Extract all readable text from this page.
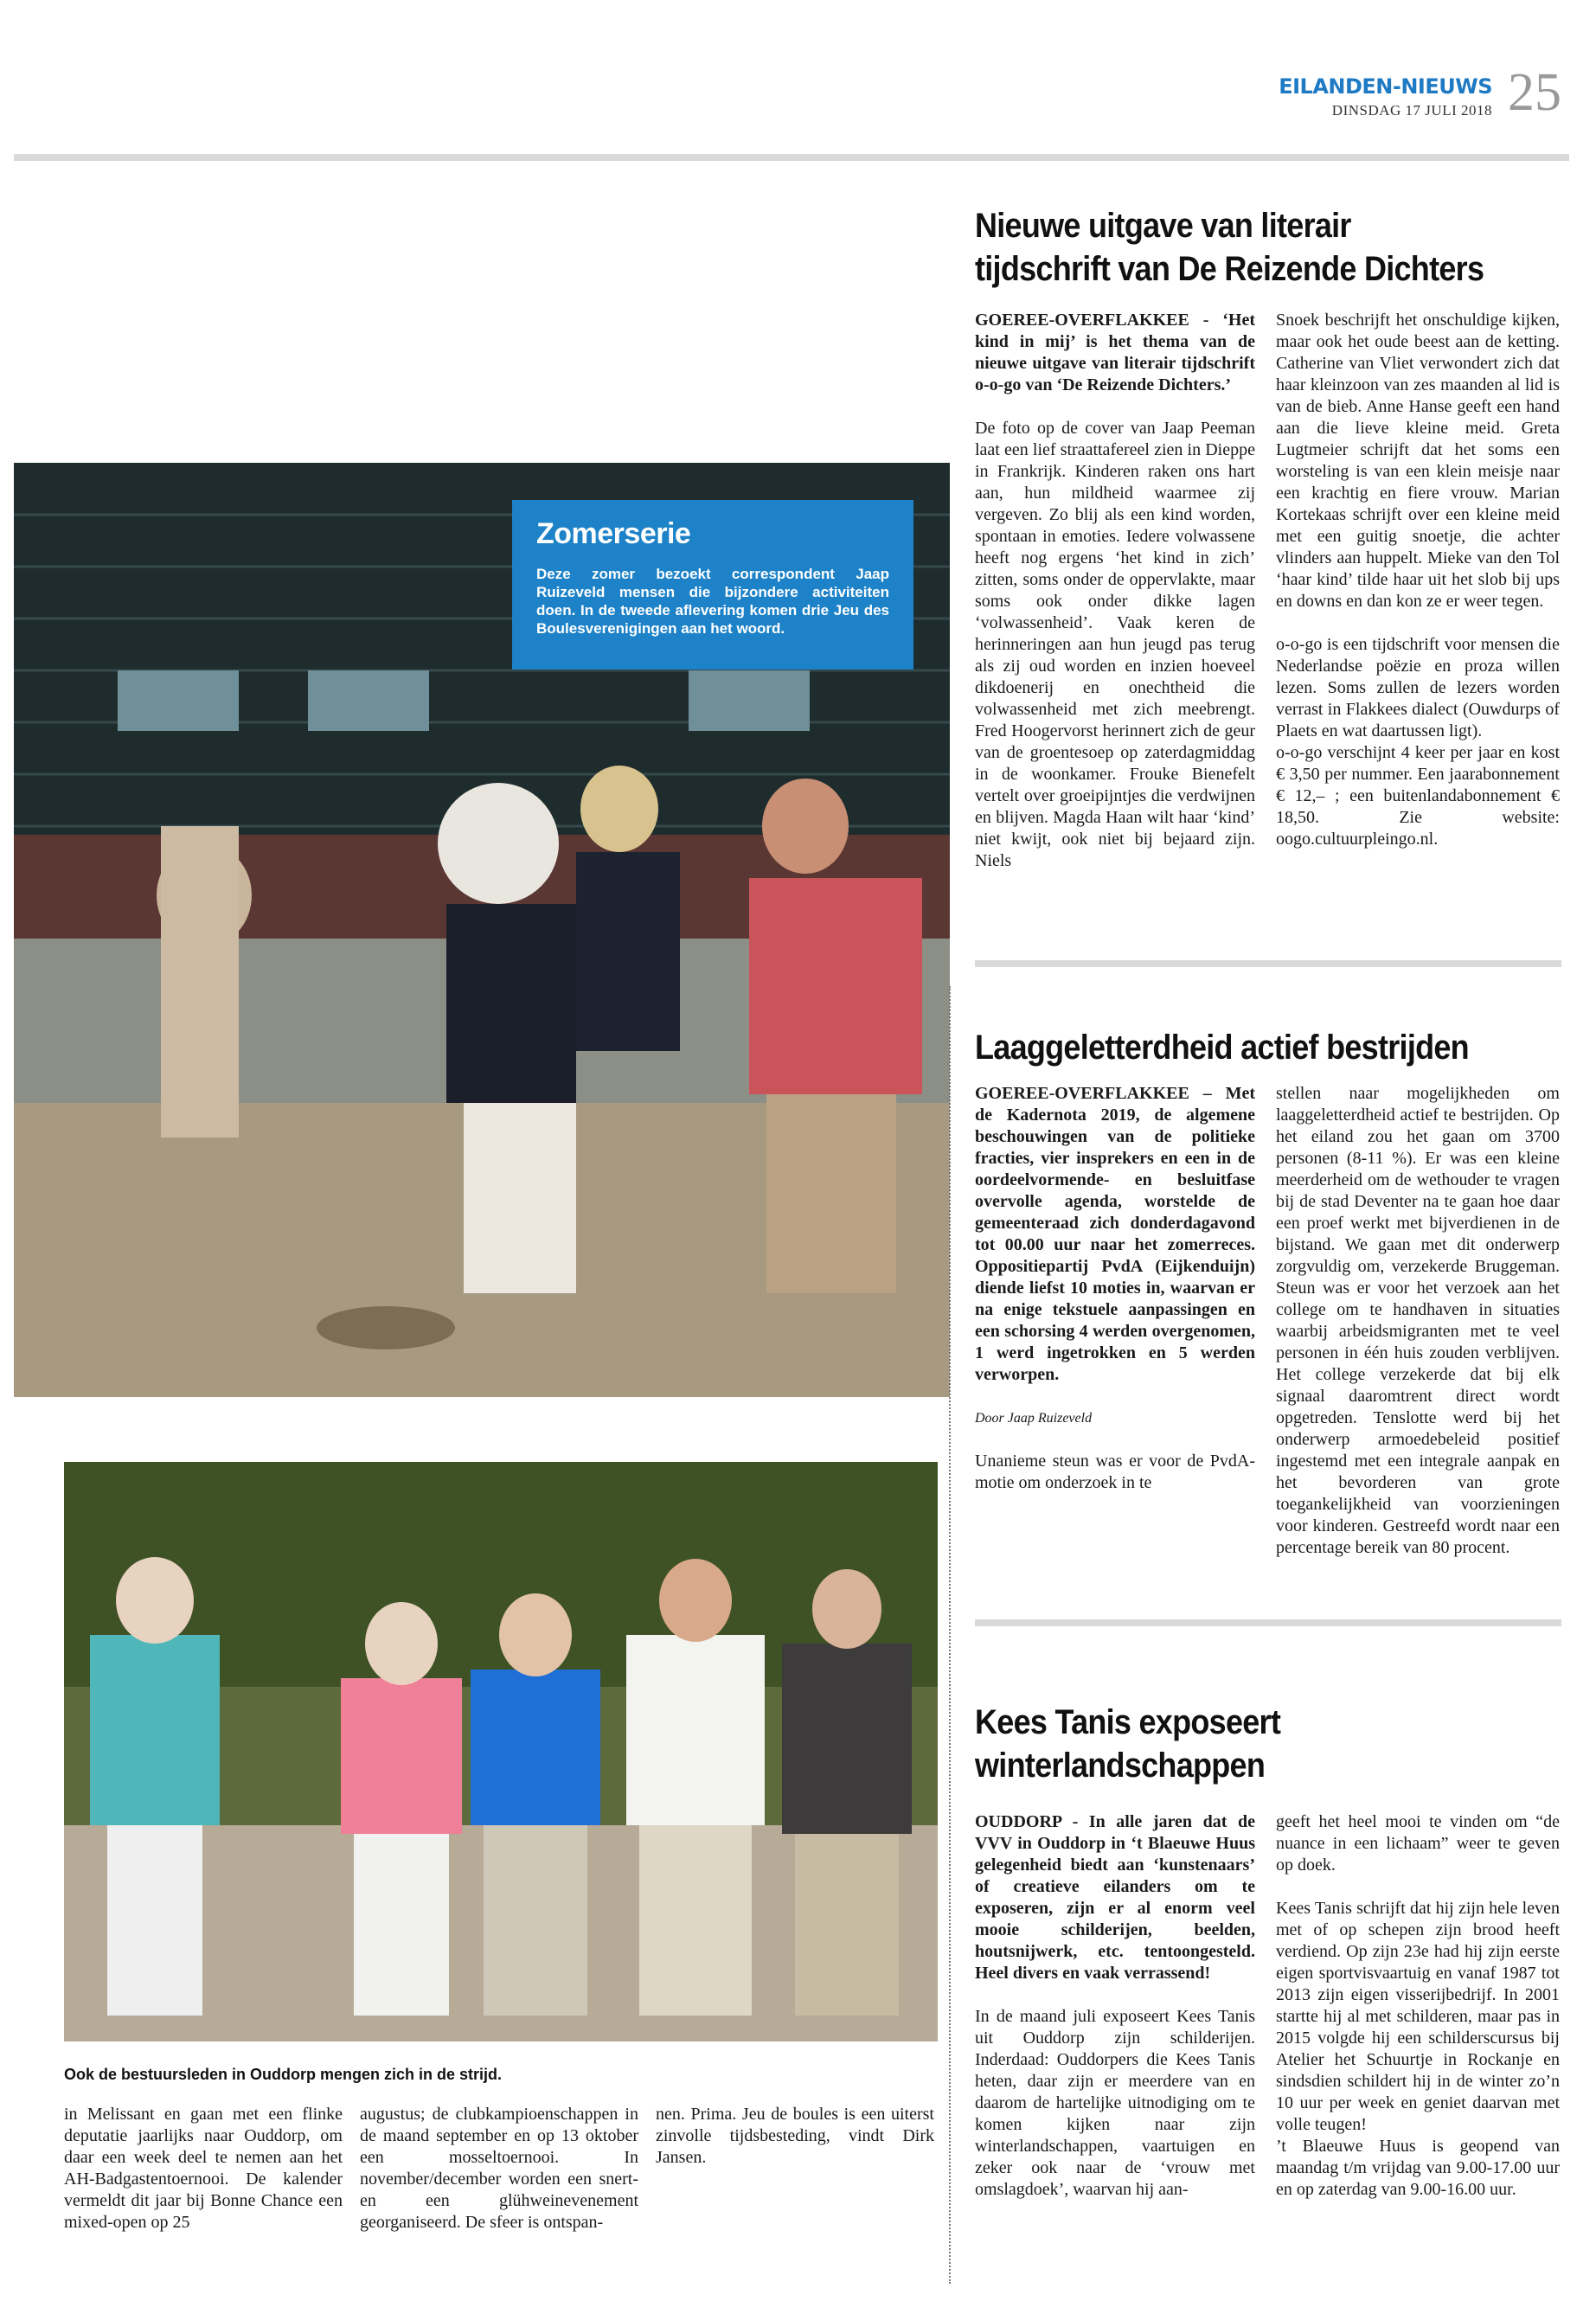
EILANDEN-NIEUWS
DINSDAG 17 JULI 2018 25
Zomerserie
Deze zomer bezoekt correspondent Jaap Ruizeveld mensen die bijzondere activiteiten doen. In de tweede aflevering komen drie Jeu des Boulesverenigingen aan het woord.
Ook de bestuursleden in Ouddorp mengen zich in de strijd.

in Melissant en gaan met een flinke deputatie jaarlijks naar Ouddorp, om daar een week deel te nemen aan het AH-Badgastentoernooi. De kalender vermeldt dit jaar bij Bonne Chance een mixed-open op 25

augustus; de clubkampioenschappen in de maand september en op 13 oktober een mosseltoernooi. In november/december worden een snert- en een glühweinevenement georganiseerd. De sfeer is ontspan-

nen. Prima. Jeu de boules is een uiterst zinvolle tijdsbesteding, vindt Dirk Jansen.

Nieuwe uitgave van literair
tijdschrift van De Reizende Dichters

GOEREE-OVERFLAKKEE - ‘Het kind in mij’ is het thema van de nieuwe uitgave van literair tijdschrift o-o-go van ‘De Reizende Dichters.’

De foto op de cover van Jaap Peeman laat een lief straattafereel zien in Dieppe in Frankrijk. Kinderen raken ons hart aan, hun mildheid waarmee zij vergeven. Zo blij als een kind worden, spontaan in emoties. Iedere volwassene heeft nog ergens ‘het kind in zich’ zitten, soms onder de oppervlakte, maar soms ook onder dikke lagen ‘volwassenheid’. Vaak keren de herinneringen aan hun jeugd pas terug als zij oud worden en inzien hoeveel dikdoenerij en onechtheid die volwassenheid met zich meebrengt. Fred Hoogervorst herinnert zich de geur van de groentesoep op zaterdagmiddag in de woonkamer. Frouke Bienefelt vertelt over groeipijntjes die verdwijnen en blijven. Magda Haan wilt haar ‘kind’ niet kwijt, ook niet bij bejaard zijn. Niels

Snoek beschrijft het onschuldige kijken, maar ook het oude beest aan de ketting. Catherine van Vliet verwondert zich dat haar kleinzoon van zes maanden al lid is van de bieb. Anne Hanse geeft een hand aan die lieve kleine meid. Greta Lugtmeier schrijft dat het soms een worsteling is van een klein meisje naar een krachtig en fiere vrouw. Marian Kortekaas schrijft over een kleine meid met een guitig snoetje, die achter vlinders aan huppelt. Mieke van den Tol ‘haar kind’ tilde haar uit het slob bij ups en downs en dan kon ze er weer tegen.

o-o-go is een tijdschrift voor mensen die Nederlandse poëzie en proza willen lezen. Soms zullen de lezers worden verrast in Flakkees dialect (Ouwdurps of Plaets en wat daartussen ligt).

o-o-go verschijnt 4 keer per jaar en kost € 3,50 per nummer. Een jaarabonnement € 12,– ; een buitenlandabonnement € 18,50. Zie website: oogo.cultuurpleingo.nl.

Laaggeletterdheid actief bestrijden

GOEREE-OVERFLAKKEE – Met de Kadernota 2019, de algemene beschouwingen van de politieke fracties, vier insprekers en een in de oordeelvormende- en besluitfase overvolle agenda, worstelde de gemeenteraad zich donderdagavond tot 00.00 uur naar het zomerreces. Oppositiepartij PvdA (Eijkenduijn) diende liefst 10 moties in, waarvan er na enige tekstuele aanpassingen en een schorsing 4 werden overgenomen, 1 werd ingetrokken en 5 werden verworpen.

Door Jaap Ruizeveld

Unanieme steun was er voor de PvdA-motie om onderzoek in te

stellen naar mogelijkheden om laaggeletterdheid actief te bestrijden. Op het eiland zou het gaan om 3700 personen (8-11 %). Er was een kleine meerderheid om de wethouder te vragen bij de stad Deventer na te gaan hoe daar een proef werkt met bijverdienen in de bijstand. We gaan met dit onderwerp zorgvuldig om, verzekerde Bruggeman. Steun was er voor het verzoek aan het college om te handhaven in situaties waarbij arbeidsmigranten met te veel personen in één huis zouden verblijven. Het college verzekerde dat bij elk signaal daaromtrent direct wordt opgetreden. Tenslotte werd bij het onderwerp armoedebeleid positief ingestemd met een integrale aanpak en het bevorderen van grote toegankelijkheid van voorzieningen voor kinderen. Gestreefd wordt naar een percentage bereik van 80 procent.

Kees Tanis exposeert
winterlandschappen

OUDDORP - In alle jaren dat de VVV in Ouddorp in ‘t Blaeuwe Huus gelegenheid biedt aan ‘kunstenaars’ of creatieve eilanders om te exposeren, zijn er al enorm veel mooie schilderijen, beelden, houtsnijwerk, etc. tentoongesteld. Heel divers en vaak verrassend!

In de maand juli exposeert Kees Tanis uit Ouddorp zijn schilderijen. Inderdaad: Ouddorpers die Kees Tanis heten, daar zijn er meerdere van en daarom de hartelijke uitnodiging om te komen kijken naar zijn winterlandschappen, vaartuigen en zeker ook naar de ‘vrouw met omslagdoek’, waarvan hij aan-

geeft het heel mooi te vinden om “de nuance in een lichaam” weer te geven op doek.

Kees Tanis schrijft dat hij zijn hele leven met of op schepen zijn brood heeft verdiend. Op zijn 23e had hij zijn eerste eigen sportvisvaartuig en vanaf 1987 tot 2013 zijn eigen visserijbedrijf. In 2001 startte hij al met schilderen, maar pas in 2015 volgde hij een schilderscursus bij Atelier het Schuurtje in Rockanje en sindsdien schildert hij in de winter zo’n 10 uur per week en geniet daarvan met volle teugen!

’t Blaeuwe Huus is geopend van maandag t/m vrijdag van 9.00-17.00 uur en op zaterdag van 9.00-16.00 uur.
